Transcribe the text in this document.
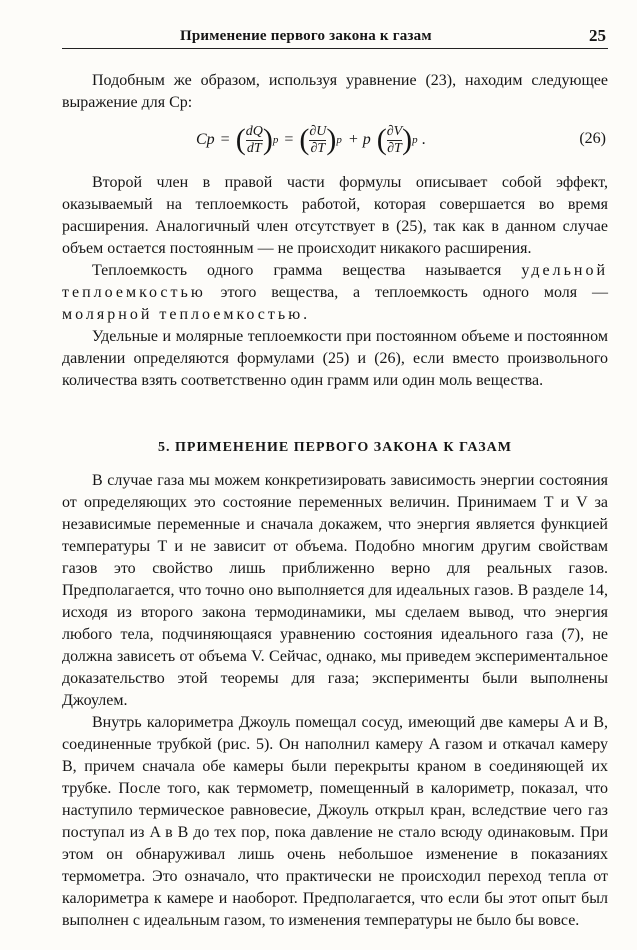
Применение первого закона к газам	25

Подобным же образом, используя уравнение (23), находим следующее выражение для Cp:

Cp = ( $\frac{dQ}{dT}$ ) p = ( $\frac{\partial U}{\partial T}$ ) p + p ( $\frac{\partial V}{\partial T}$ ) p .	(26)

Второй член в правой части формулы описывает собой эффект, оказываемый на теплоемкость работой, которая совершается во время расширения. Аналогичный член отсутствует в (25), так как в данном случае объем остается постоянным — не происходит никакого расширения.

Теплоемкость одного грамма вещества называется удельной теплоемкостью этого вещества, а теплоемкость одного моля — молярной теплоемкостью.

Удельные и молярные теплоемкости при постоянном объеме и постоянном давлении определяются формулами (25) и (26), если вместо произвольного количества взять соответственно один грамм или один моль вещества.

5. ПРИМЕНЕНИЕ ПЕРВОГО ЗАКОНА К ГАЗАМ

В случае газа мы можем конкретизировать зависимость энергии состояния от определяющих это состояние переменных величин. Принимаем T и V за независимые переменные и сначала докажем, что энергия является функцией температуры T и не зависит от объема. Подобно многим другим свойствам газов это свойство лишь приближенно верно для реальных газов. Предполагается, что точно оно выполняется для идеальных газов. В разделе 14, исходя из второго закона термодинамики, мы сделаем вывод, что энергия любого тела, подчиняющаяся уравнению состояния идеального газа (7), не должна зависеть от объема V. Сейчас, однако, мы приведем экспериментальное доказательство этой теоремы для газа; эксперименты были выполнены Джоулем.

Внутрь калориметра Джоуль помещал сосуд, имеющий две камеры A и B, соединенные трубкой (рис. 5). Он наполнил камеру A газом и откачал камеру B, причем сначала обе камеры были перекрыты краном в соединяющей их трубке. После того, как термометр, помещенный в калориметр, показал, что наступило термическое равновесие, Джоуль открыл кран, вследствие чего газ поступал из A в B до тех пор, пока давление не стало всюду одинаковым. При этом он обнаруживал лишь очень небольшое изменение в показаниях термометра. Это означало, что практически не происходил переход тепла от калориметра к камере и наоборот. Предполагается, что если бы этот опыт был выполнен с идеальным газом, то изменения температуры не было бы вовсе.
